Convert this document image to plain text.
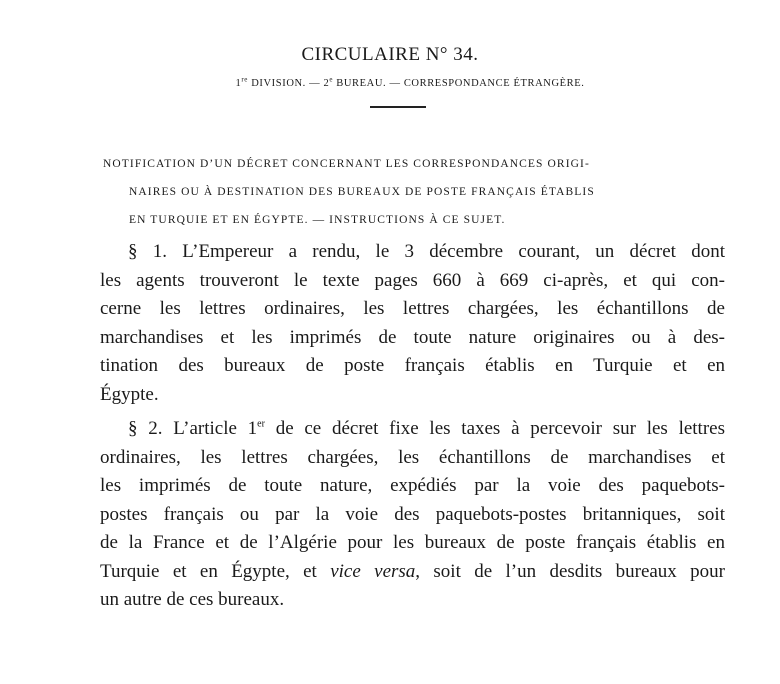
CIRCULAIRE N° 34.
1re DIVISION. — 2e BUREAU. — CORRESPONDANCE ÉTRANGÈRE.
NOTIFICATION D’UN DÉCRET CONCERNANT LES CORRESPONDANCES ORIGI-
NAIRES OU À DESTINATION DES BUREAUX DE POSTE FRANÇAIS ÉTABLIS
EN TURQUIE ET EN ÉGYPTE. — INSTRUCTIONS À CE SUJET.
§ 1. L’Empereur a rendu, le 3 décembre courant, un décret dont
les agents trouveront le texte pages 660 à 669 ci-après, et qui con-
cerne les lettres ordinaires, les lettres chargées, les échantillons de
marchandises et les imprimés de toute nature originaires ou à des-
tination des bureaux de poste français établis en Turquie et en
Égypte.
§ 2. L’article 1er de ce décret fixe les taxes à percevoir sur les lettres
ordinaires, les lettres chargées, les échantillons de marchandises et
les imprimés de toute nature, expédiés par la voie des paquebots-
postes français ou par la voie des paquebots-postes britanniques, soit
de la France et de l’Algérie pour les bureaux de poste français établis en
Turquie et en Égypte, et vice versa, soit de l’un desdits bureaux pour
un autre de ces bureaux.
